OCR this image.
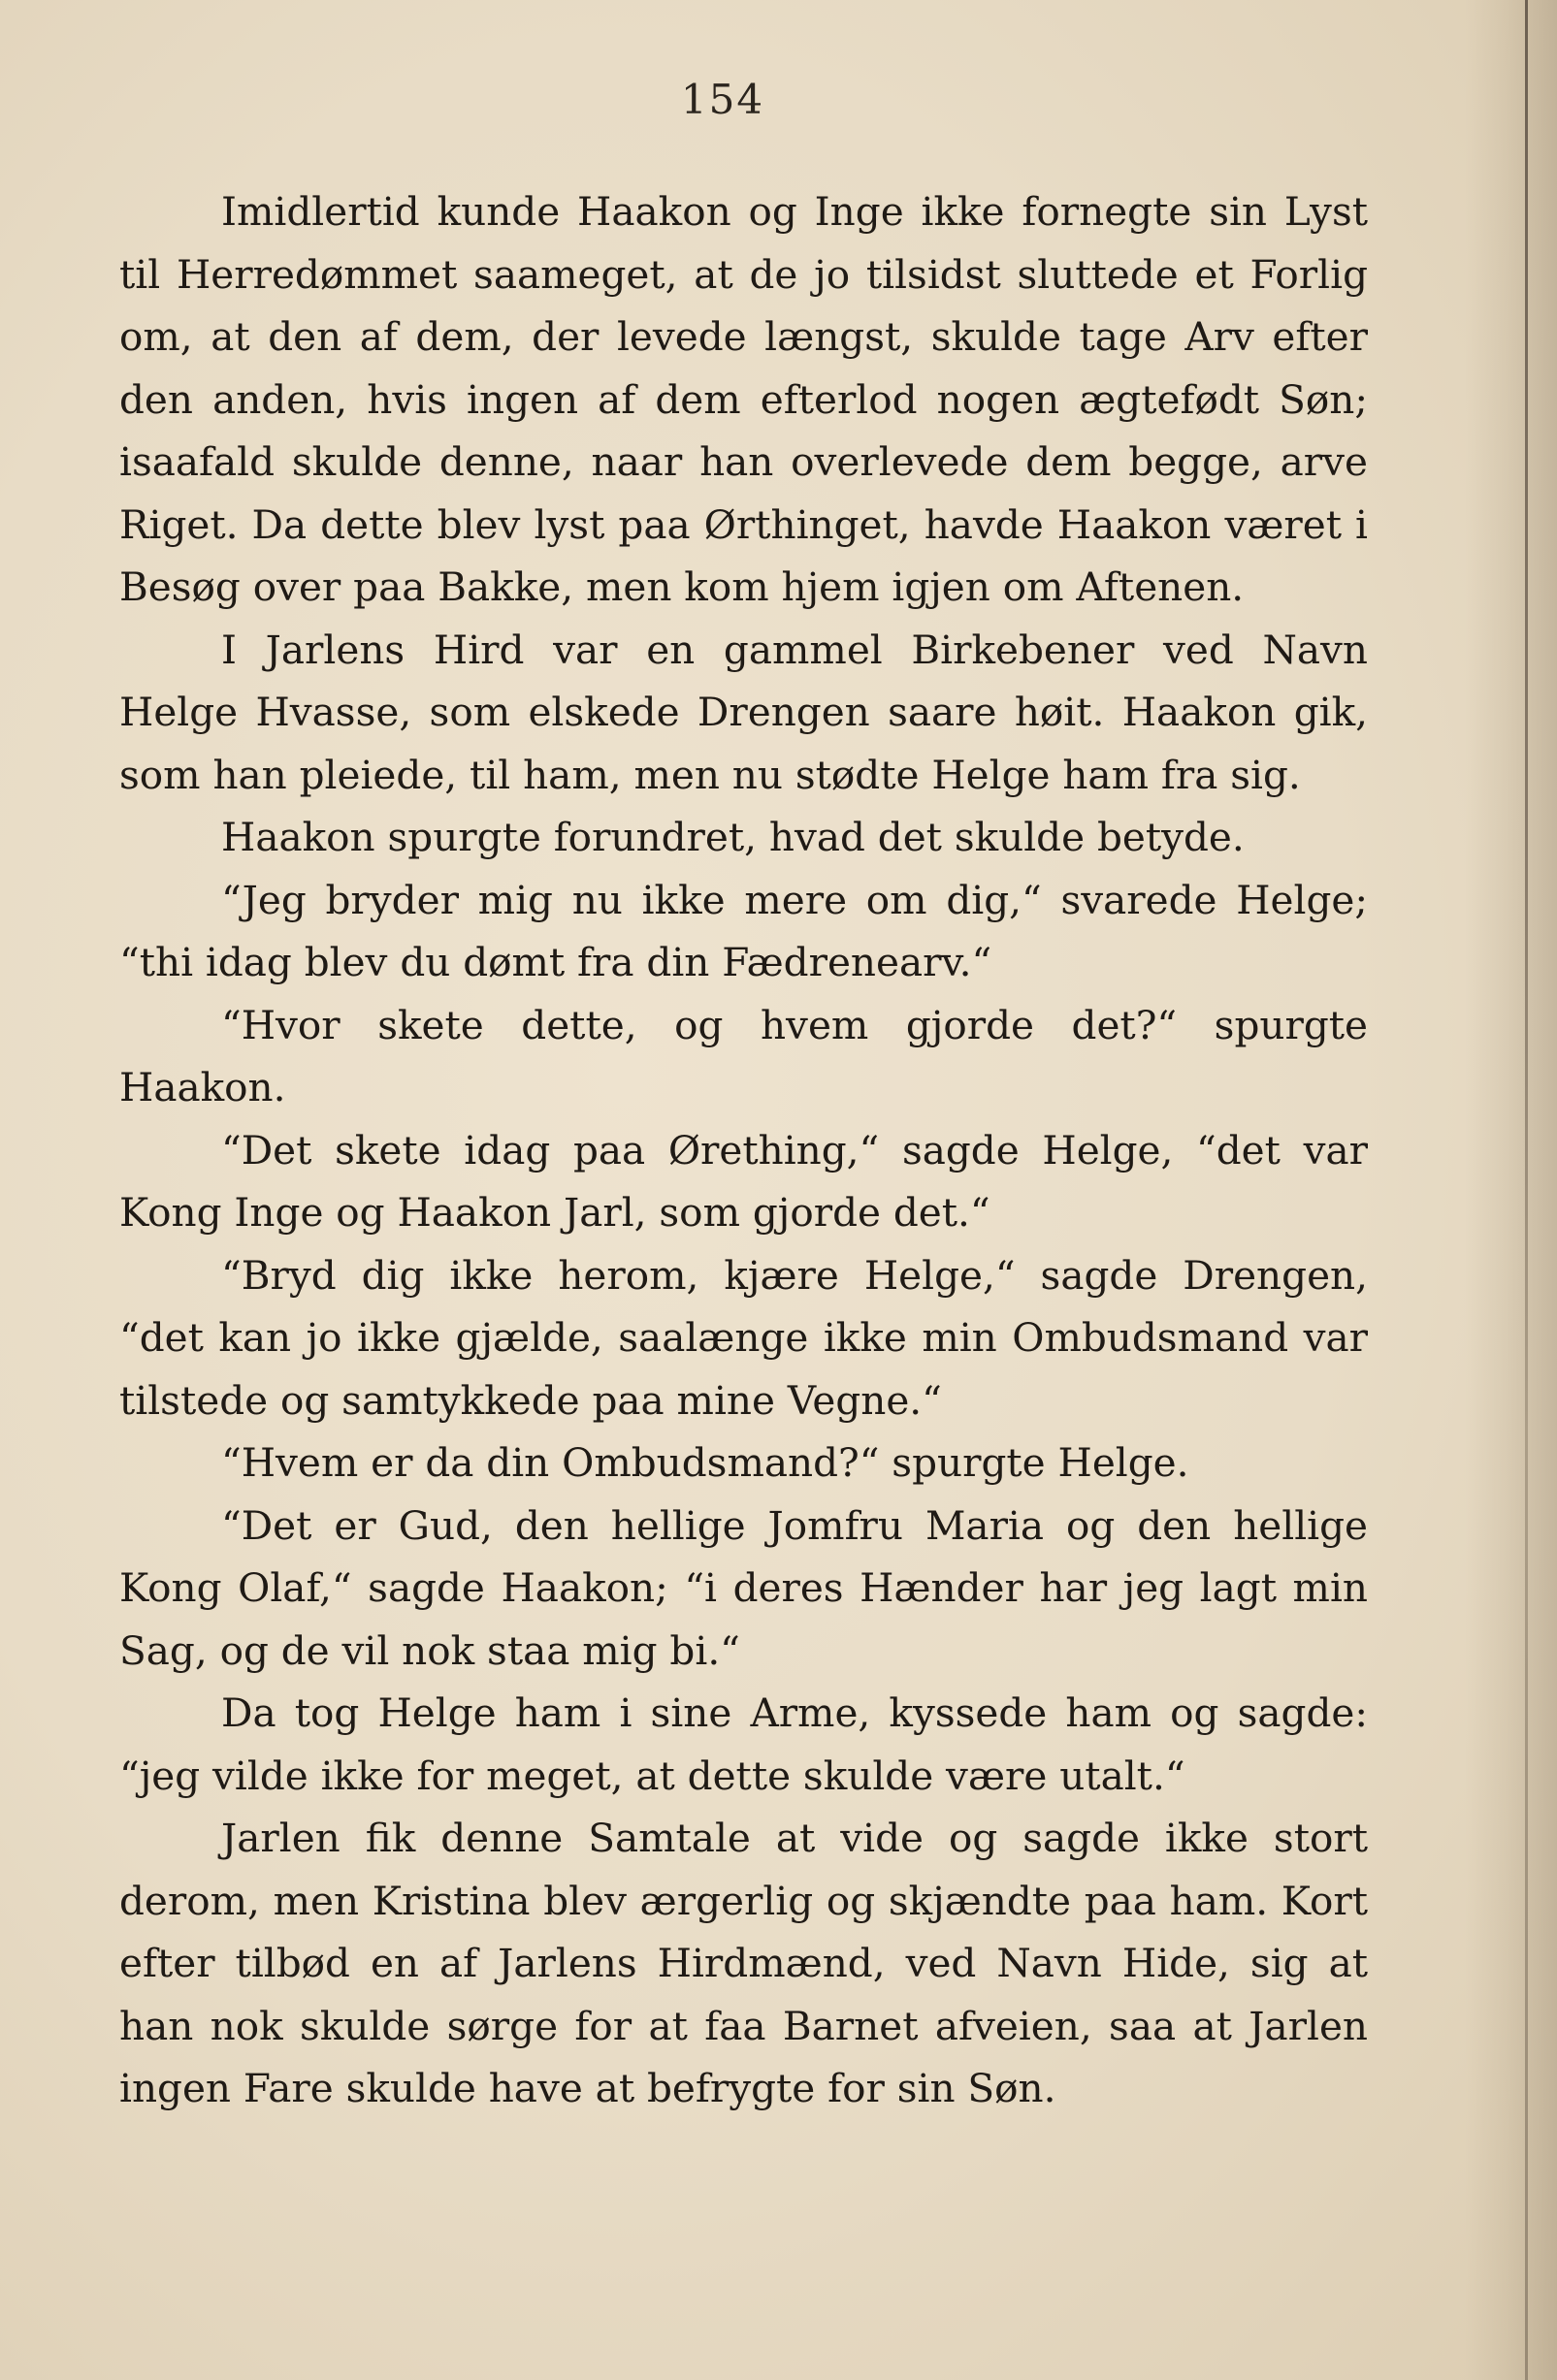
154

Imidlertid kunde Haakon og Inge ikke fornegte sin Lyst til Herredømmet saameget, at de jo tilsidst sluttede et Forlig om, at den af dem, der levede længst, skulde tage Arv efter den anden, hvis ingen af dem efterlod nogen ægtefødt Søn; isaafald skulde denne, naar han overlevede dem begge, arve Riget. Da dette blev lyst paa Ørthinget, havde Haakon været i Besøg over paa Bakke, men kom hjem igjen om Aftenen.

I Jarlens Hird var en gammel Birkebener ved Navn Helge Hvasse, som elskede Drengen saare høit. Haakon gik, som han pleiede, til ham, men nu stødte Helge ham fra sig.

Haakon spurgte forundret, hvad det skulde betyde.

“Jeg bryder mig nu ikke mere om dig,“ svarede Helge; “thi idag blev du dømt fra din Fædrenearv.“

“Hvor skete dette, og hvem gjorde det?“ spurgte Haakon.

“Det skete idag paa Ørething,“ sagde Helge, “det var Kong Inge og Haakon Jarl, som gjorde det.“

“Bryd dig ikke herom, kjære Helge,“ sagde Drengen, “det kan jo ikke gjælde, saalænge ikke min Ombudsmand var tilstede og samtykkede paa mine Vegne.“

“Hvem er da din Ombudsmand?“ spurgte Helge.

“Det er Gud, den hellige Jomfru Maria og den hellige Kong Olaf,“ sagde Haakon; “i deres Hænder har jeg lagt min Sag, og de vil nok staa mig bi.“

Da tog Helge ham i sine Arme, kyssede ham og sagde: “jeg vilde ikke for meget, at dette skulde være utalt.“

Jarlen fik denne Samtale at vide og sagde ikke stort derom, men Kristina blev ærgerlig og skjændte paa ham. Kort efter tilbød en af Jarlens Hirdmænd, ved Navn Hide, sig at han nok skulde sørge for at faa Barnet afveien, saa at Jarlen ingen Fare skulde have at befrygte for sin Søn.
